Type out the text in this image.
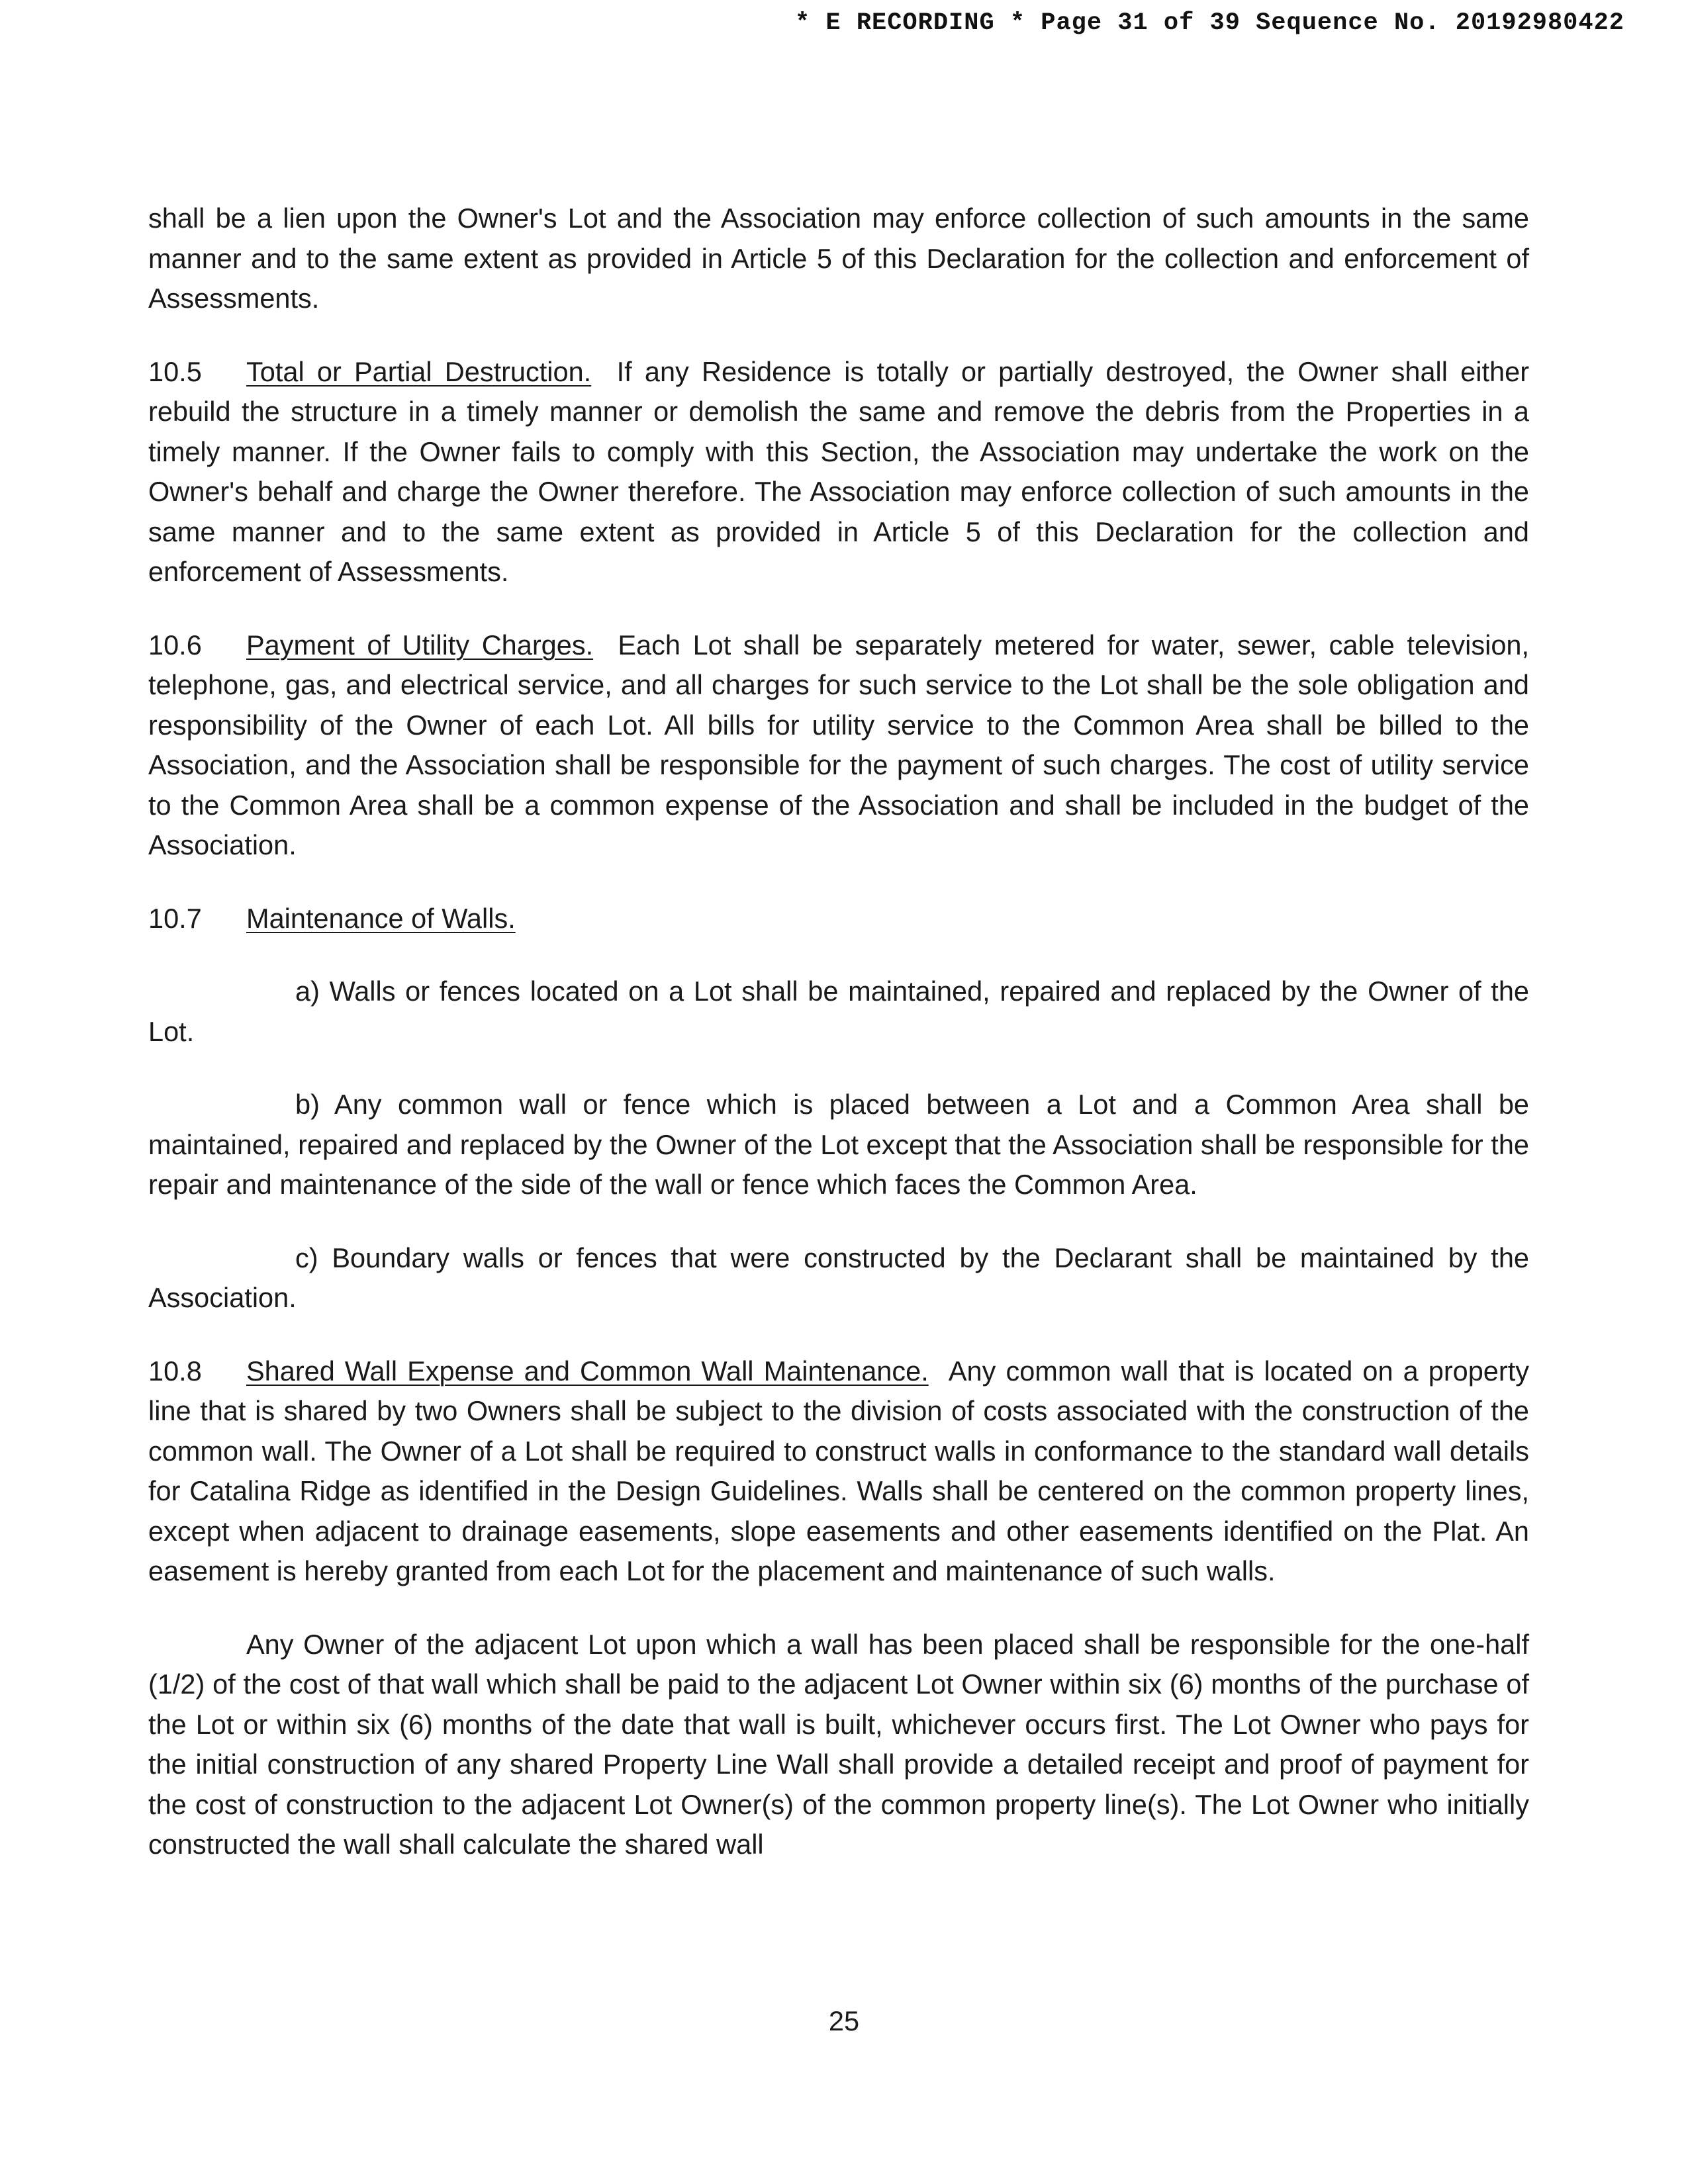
* E RECORDING * Page 31 of 39 Sequence No. 20192980422

shall be a lien upon the Owner's Lot and the Association may enforce collection of such amounts in the same manner and to the same extent as provided in Article 5 of this Declaration for the collection and enforcement of Assessments.

10.5 Total or Partial Destruction. If any Residence is totally or partially destroyed, the Owner shall either rebuild the structure in a timely manner or demolish the same and remove the debris from the Properties in a timely manner. If the Owner fails to comply with this Section, the Association may undertake the work on the Owner's behalf and charge the Owner therefore. The Association may enforce collection of such amounts in the same manner and to the same extent as provided in Article 5 of this Declaration for the collection and enforcement of Assessments.

10.6 Payment of Utility Charges. Each Lot shall be separately metered for water, sewer, cable television, telephone, gas, and electrical service, and all charges for such service to the Lot shall be the sole obligation and responsibility of the Owner of each Lot. All bills for utility service to the Common Area shall be billed to the Association, and the Association shall be responsible for the payment of such charges. The cost of utility service to the Common Area shall be a common expense of the Association and shall be included in the budget of the Association.

10.7 Maintenance of Walls.

a) Walls or fences located on a Lot shall be maintained, repaired and replaced by the Owner of the Lot.

b) Any common wall or fence which is placed between a Lot and a Common Area shall be maintained, repaired and replaced by the Owner of the Lot except that the Association shall be responsible for the repair and maintenance of the side of the wall or fence which faces the Common Area.

c) Boundary walls or fences that were constructed by the Declarant shall be maintained by the Association.

10.8 Shared Wall Expense and Common Wall Maintenance. Any common wall that is located on a property line that is shared by two Owners shall be subject to the division of costs associated with the construction of the common wall. The Owner of a Lot shall be required to construct walls in conformance to the standard wall details for Catalina Ridge as identified in the Design Guidelines. Walls shall be centered on the common property lines, except when adjacent to drainage easements, slope easements and other easements identified on the Plat. An easement is hereby granted from each Lot for the placement and maintenance of such walls.

Any Owner of the adjacent Lot upon which a wall has been placed shall be responsible for the one-half (1/2) of the cost of that wall which shall be paid to the adjacent Lot Owner within six (6) months of the purchase of the Lot or within six (6) months of the date that wall is built, whichever occurs first. The Lot Owner who pays for the initial construction of any shared Property Line Wall shall provide a detailed receipt and proof of payment for the cost of construction to the adjacent Lot Owner(s) of the common property line(s). The Lot Owner who initially constructed the wall shall calculate the shared wall

25
